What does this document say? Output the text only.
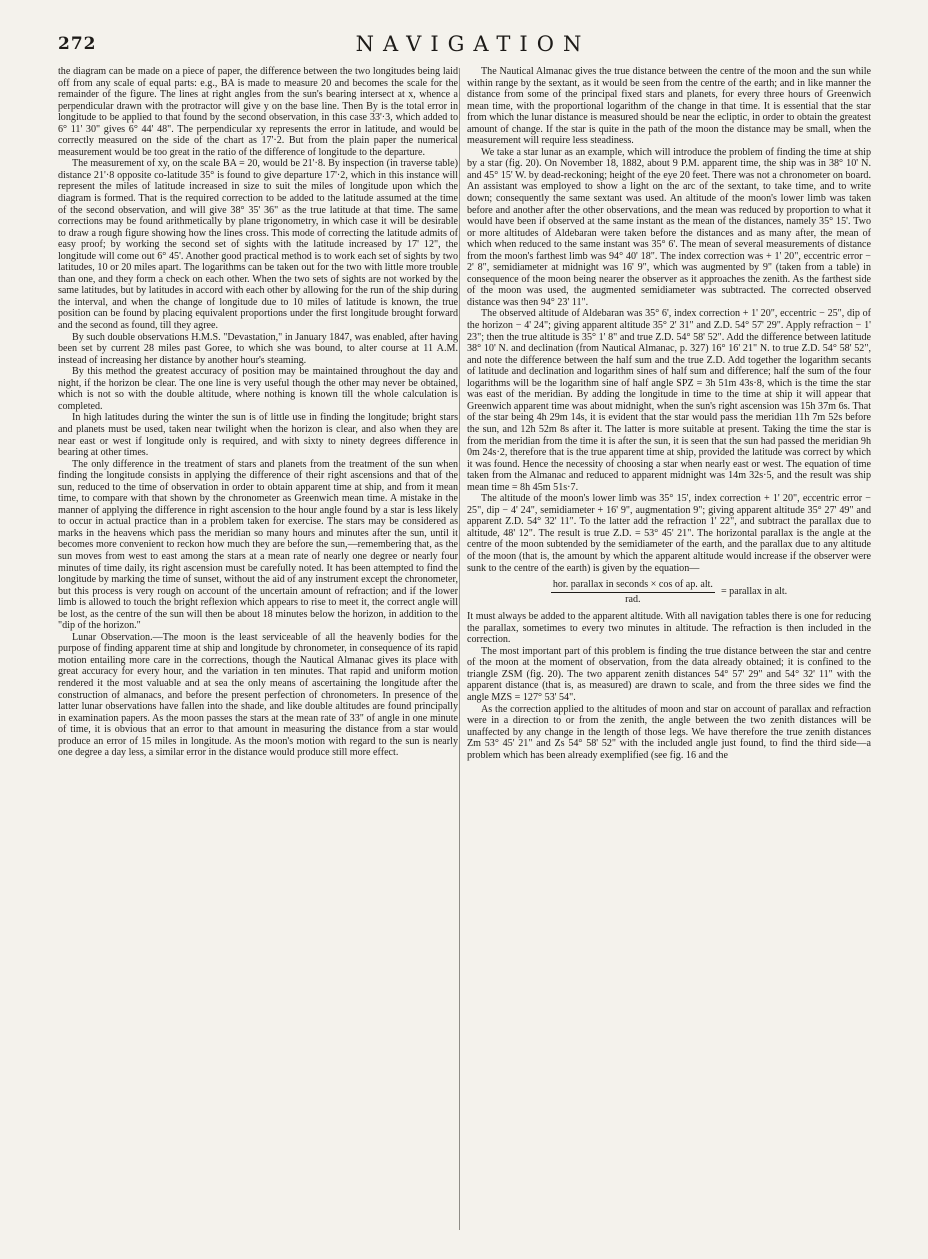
272	NAVIGATION

the diagram can be made on a piece of paper, the difference between the two longitudes being laid off from any scale of equal parts: e.g., BA is made to measure 20 and becomes the scale for the remainder of the figure. The lines at right angles from the sun's bearing intersect at x, whence a perpendicular drawn with the protractor will give y on the base line. Then By is the total error in longitude to be applied to that found by the second observation, in this case 33'·3, which added to 6° 11' 30" gives 6° 44' 48". The perpendicular xy represents the error in latitude, and would be correctly measured on the side of the chart as 17'·2. But from the plain paper the numerical measurement would be too great in the ratio of the difference of longitude to the departure.

The measurement of xy, on the scale BA = 20, would be 21'·8. By inspection (in traverse table) distance 21'·8 opposite co-latitude 35° is found to give departure 17'·2, which in this instance will represent the miles of latitude increased in size to suit the miles of longitude upon which the diagram is formed. That is the required correction to be added to the latitude assumed at the time of the second observation, and will give 38° 35' 36" as the true latitude at that time. The same corrections may be found arithmetically by plane trigonometry, in which case it will be desirable to draw a rough figure showing how the lines cross. This mode of correcting the latitude admits of easy proof; by working the second set of sights with the latitude increased by 17' 12", the longitude will come out 6° 45'. Another good practical method is to work each set of sights by two latitudes, 10 or 20 miles apart. The logarithms can be taken out for the two with little more trouble than one, and they form a check on each other. When the two sets of sights are not worked by the same latitudes, but by latitudes in accord with each other by allowing for the run of the ship during the interval, and when the change of longitude due to 10 miles of latitude is known, the true position can be found by placing equivalent proportions under the first longitude brought forward and the second as found, till they agree.

By such double observations H.M.S. "Devastation," in January 1847, was enabled, after having been set by current 28 miles past Goree, to which she was bound, to alter course at 11 A.M. instead of increasing her distance by another hour's steaming.

By this method the greatest accuracy of position may be maintained throughout the day and night, if the horizon be clear. The one line is very useful though the other may never be obtained, which is not so with the double altitude, where nothing is known till the whole calculation is completed.

In high latitudes during the winter the sun is of little use in finding the longitude; bright stars and planets must be used, taken near twilight when the horizon is clear, and also when they are near east or west if longitude only is required, and with sixty to ninety degrees difference in bearing at other times.

The only difference in the treatment of stars and planets from the treatment of the sun when finding the longitude consists in applying the difference of their right ascensions and that of the sun, reduced to the time of observation in order to obtain apparent time at ship, and from it mean time, to compare with that shown by the chronometer as Greenwich mean time. A mistake in the manner of applying the difference in right ascension to the hour angle found by a star is less likely to occur in actual practice than in a problem taken for exercise. The stars may be considered as marks in the heavens which pass the meridian so many hours and minutes after the sun, until it becomes more convenient to reckon how much they are before the sun,—remembering that, as the sun moves from west to east among the stars at a mean rate of nearly one degree or nearly four minutes of time daily, its right ascension must be carefully noted. It has been attempted to find the longitude by marking the time of sunset, without the aid of any instrument except the chronometer, but this process is very rough on account of the uncertain amount of refraction; and if the lower limb is allowed to touch the bright reflexion which appears to rise to meet it, the correct angle will be lost, as the centre of the sun will then be about 18 minutes below the horizon, in addition to the "dip of the horizon."

Lunar Observation.—The moon is the least serviceable of all the heavenly bodies for the purpose of finding apparent time at ship and longitude by chronometer, in consequence of its rapid motion entailing more care in the corrections, though the Nautical Almanac gives its place with great accuracy for every hour, and the variation in ten minutes. That rapid and uniform motion rendered it the most valuable and at sea the only means of ascertaining the longitude after the construction of almanacs, and before the present perfection of chronometers. In presence of the latter lunar observations have fallen into the shade, and like double altitudes are found principally in examination papers. As the moon passes the stars at the mean rate of 33" of angle in one minute of time, it is obvious that an error to that amount in measuring the distance from a star would produce an error of 15 miles in longitude. As the moon's motion with regard to the sun is nearly one degree a day less, a similar error in the distance would produce still more effect.

The Nautical Almanac gives the true distance between the centre of the moon and the sun while within range by the sextant, as it would be seen from the centre of the earth; and in like manner the distance from some of the principal fixed stars and planets, for every three hours of Greenwich mean time, with the proportional logarithm of the change in that time. It is essential that the star from which the lunar distance is measured should be near the ecliptic, in order to obtain the greatest amount of change. If the star is quite in the path of the moon the distance may be small, when the measurement will require less steadiness.

We take a star lunar as an example, which will introduce the problem of finding the time at ship by a star (fig. 20). On November 18, 1882, about 9 P.M. apparent time, the ship was in 38° 10' N. and 45° 15' W. by dead-reckoning; height of the eye 20 feet. There was not a chronometer on board. An assistant was employed to show a light on the arc of the sextant, to take time, and to write down; consequently the same sextant was used. An altitude of the moon's lower limb was taken before and another after the other observations, and the mean was reduced by proportion to what it would have been if observed at the same instant as the mean of the distances, namely 35° 15'. Two or more altitudes of Aldebaran were taken before the distances and as many after, the mean of which when reduced to the same instant was 35° 6'. The mean of several measurements of distance from the moon's farthest limb was 94° 40' 18". The index correction was + 1' 20", eccentric error − 2' 8", semidiameter at midnight was 16' 9", which was augmented by 9" (taken from a table) in consequence of the moon being nearer the observer as it approaches the zenith. As the farthest side of the moon was used, the augmented semidiameter was subtracted. The corrected observed distance was then 94° 23' 11".

The observed altitude of Aldebaran was 35° 6', index correction + 1' 20", eccentric − 25", dip of the horizon − 4' 24"; giving apparent altitude 35° 2' 31" and Z.D. 54° 57' 29". Apply refraction − 1' 23"; then the true altitude is 35° 1' 8" and true Z.D. 54° 58' 52". Add the difference between latitude 38° 10' N. and declination (from Nautical Almanac, p. 327) 16° 16' 21" N. to true Z.D. 54° 58' 52", and note the difference between the half sum and the true Z.D. Add together the logarithm secants of latitude and declination and logarithm sines of half sum and difference; half the sum of the four logarithms will be the logarithm sine of half angle SPZ = 3h 51m 43s·8, which is the time the star was east of the meridian. By adding the longitude in time to the time at ship it will appear that Greenwich apparent time was about midnight, when the sun's right ascension was 15h 37m 6s. That of the star being 4h 29m 14s, it is evident that the star would pass the meridian 11h 7m 52s before the sun, and 12h 52m 8s after it. The latter is more suitable at present. Taking the time the star is from the meridian from the time it is after the sun, it is seen that the sun had passed the meridian 9h 0m 24s·2, therefore that is the true apparent time at ship, provided the latitude was correct by which it was found. Hence the necessity of choosing a star when nearly east or west. The equation of time taken from the Almanac and reduced to apparent midnight was 14m 32s·5, and the result was ship mean time = 8h 45m 51s·7.

The altitude of the moon's lower limb was 35° 15', index correction + 1' 20", eccentric error − 25", dip − 4' 24", semidiameter + 16' 9", augmentation 9"; giving apparent altitude 35° 27' 49" and apparent Z.D. 54° 32' 11". To the latter add the refraction 1' 22", and subtract the parallax due to altitude, 48' 12". The result is true Z.D. = 53° 45' 21". The horizontal parallax is the angle at the centre of the moon subtended by the semidiameter of the earth, and the parallax due to any altitude of the moon (that is, the amount by which the apparent altitude would increase if the observer were sunk to the centre of the earth) is given by the equation—

$\frac{\text{hor. parallax in seconds × cos of ap. alt.}}{\text{rad.}}$ = parallax in alt.

It must always be added to the apparent altitude. With all navigation tables there is one for reducing the parallax, sometimes to every two minutes in altitude. The refraction is then included in the correction.

The most important part of this problem is finding the true distance between the star and centre of the moon at the moment of observation, from the data already obtained; it is confined to the triangle ZSM (fig. 20). The two apparent zenith distances 54° 57' 29" and 54° 32' 11" with the apparent distance (that is, as measured) are drawn to scale, and from the three sides we find the angle MZS = 127° 53' 54".

As the correction applied to the altitudes of moon and star on account of parallax and refraction were in a direction to or from the zenith, the angle between the two zenith distances will be unaffected by any change in the length of those legs. We have therefore the true zenith distances Zm 53° 45' 21" and Zs 54° 58' 52" with the included angle just found, to find the third side—a problem which has been already exemplified (see fig. 16 and the
